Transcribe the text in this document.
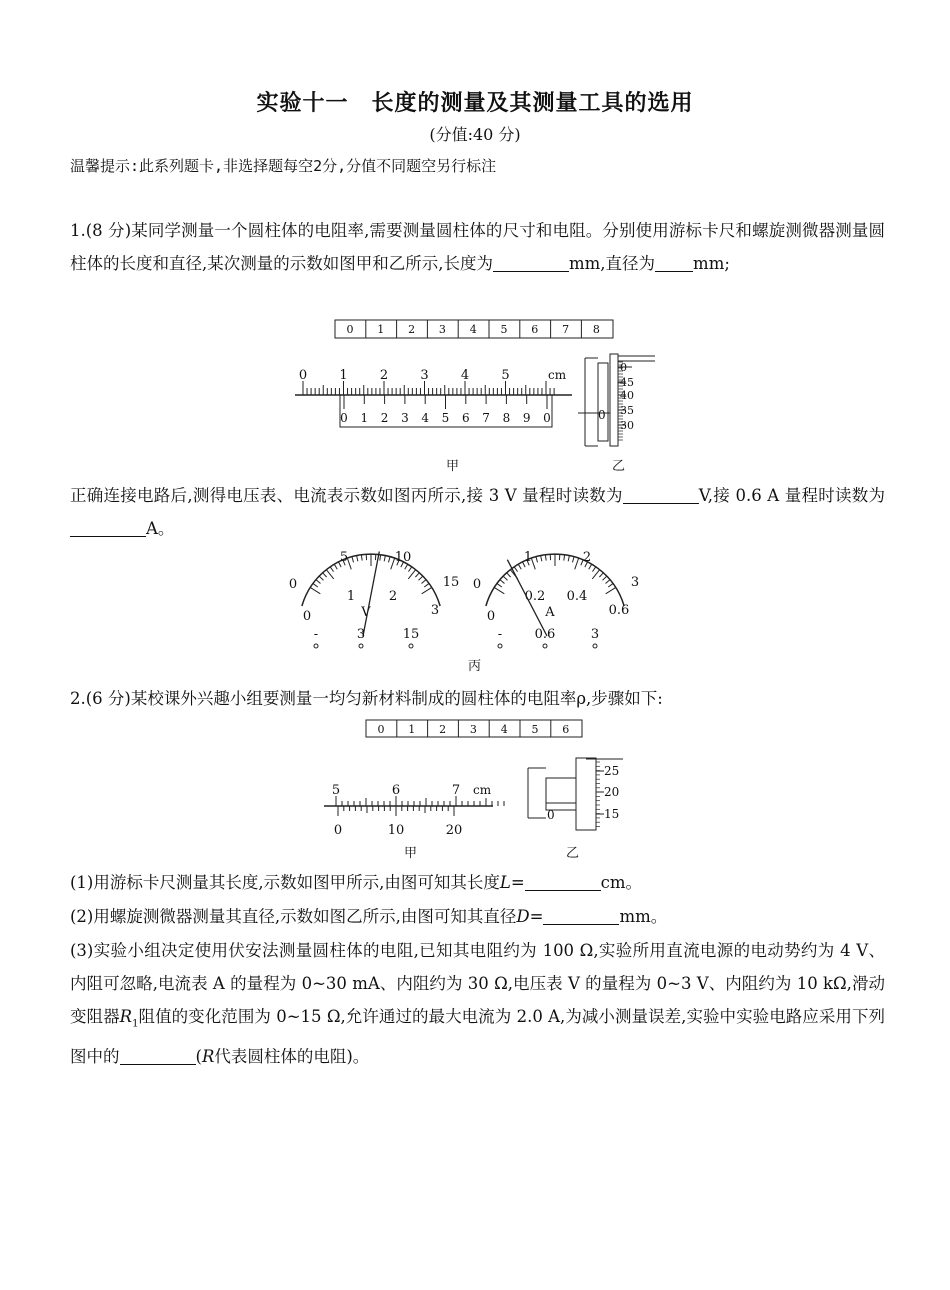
实验十一　长度的测量及其测量工具的选用
(分值:40 分)
温馨提示:此系列题卡,非选择题每空2分,分值不同题空另行标注
1.(8 分)某同学测量一个圆柱体的电阻率,需要测量圆柱体的尺寸和电阻。分别使用游标卡尺和螺旋测微器测量圆柱体的长度和直径,某次测量的示数如图甲和乙所示,长度为	mm,直径为 mm;
0 1 2 3 4 5 6 7 8
0 1 2 3 4 5	cm
0 1 2 3 4 5 6 7 8 9 0	0
0
45
40
35
30
甲	乙
正确连接电路后,测得电压表、电流表示数如图丙所示,接 3 V 量程时读数为	V,接 0.6 A 量程时读数为A。
0
5	10
15
0
1	2
3
V
-	3	15
0
1	2
3
0
0.2 0.4
0.6
A
- 0.6	3
丙
2.(6 分)某校课外兴趣小组要测量一均匀新材料制成的圆柱体的电阻率ρ,步骤如下:
0 1 2 3 4 5 6
5	6	7 cm
0	10	20
0
25
20
15
甲	乙
(1)用游标卡尺测量其长度,示数如图甲所示,由图可知其长度L=	cm。
(2)用螺旋测微器测量其直径,示数如图乙所示,由图可知其直径D=	mm。
(3)实验小组决定使用伏安法测量圆柱体的电阻,已知其电阻约为 100 Ω,实验所用直流电源的电动势约为 4 V、内阻可忽略,电流表 A 的量程为 0~30 mA、内阻约为 30 Ω,电压表 V 的量程为 0~3 V、内阻约为 10 kΩ,滑动变阻器$R_1$阻值的变化范围为 0~15 Ω,允许通过的最大电流为 2.0 A,为减小测量误差,实验中实验电路应采用下列图中的	(R代表圆柱体的电阻)。
